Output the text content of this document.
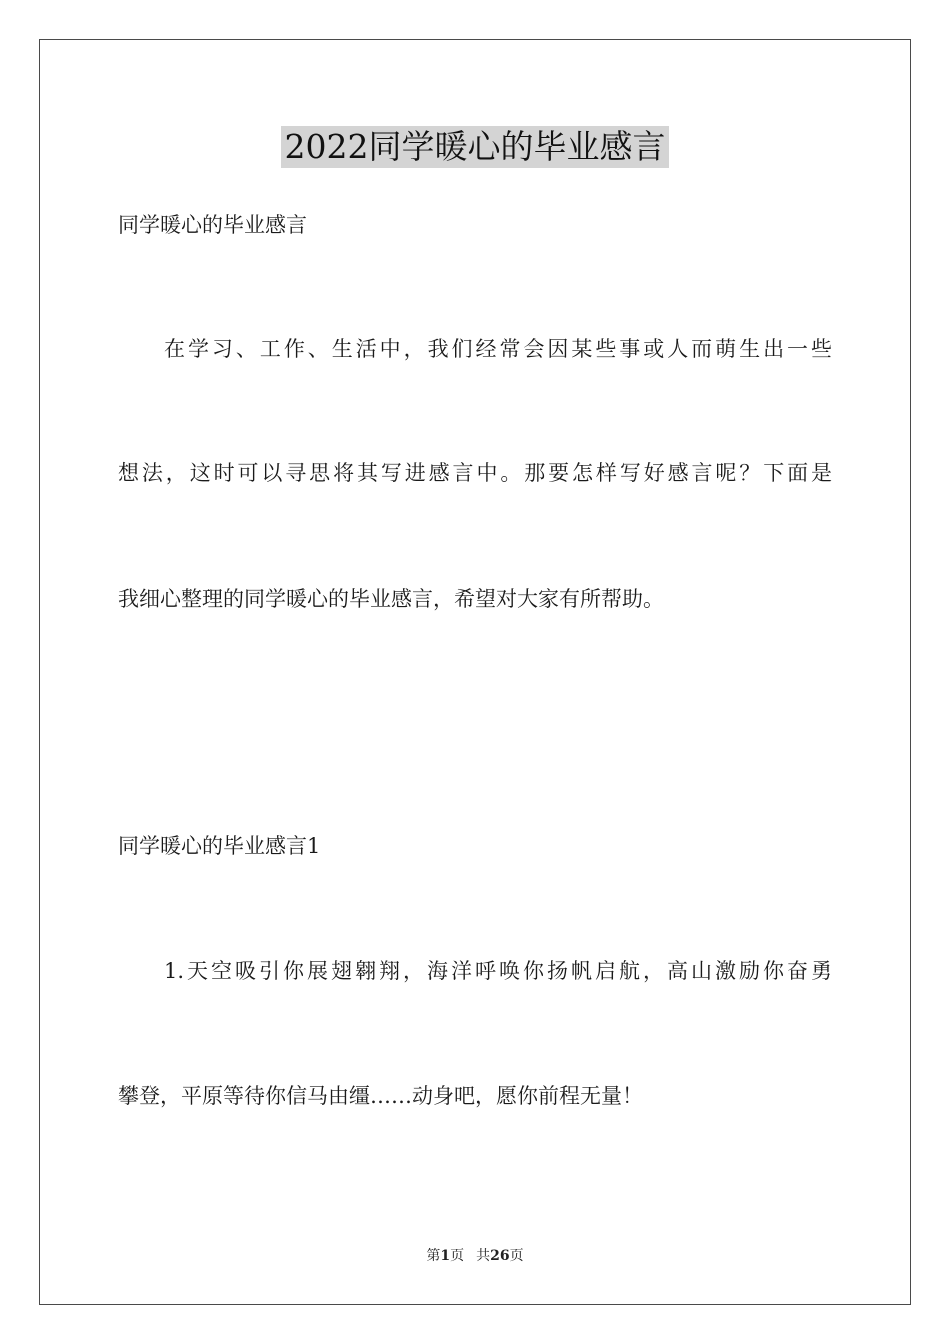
2022同学暖心的毕业感言
同学暖心的毕业感言
在学习、工作、生活中，我们经常会因某些事或人而萌生出一些
想法，这时可以寻思将其写进感言中。那要怎样写好感言呢？下面是
我细心整理的同学暖心的毕业感言，希望对大家有所帮助。
同学暖心的毕业感言1
1.天空吸引你展翅翱翔，海洋呼唤你扬帆启航，高山激励你奋勇
攀登，平原等待你信马由缰……动身吧，愿你前程无量！
第1页 共26页
